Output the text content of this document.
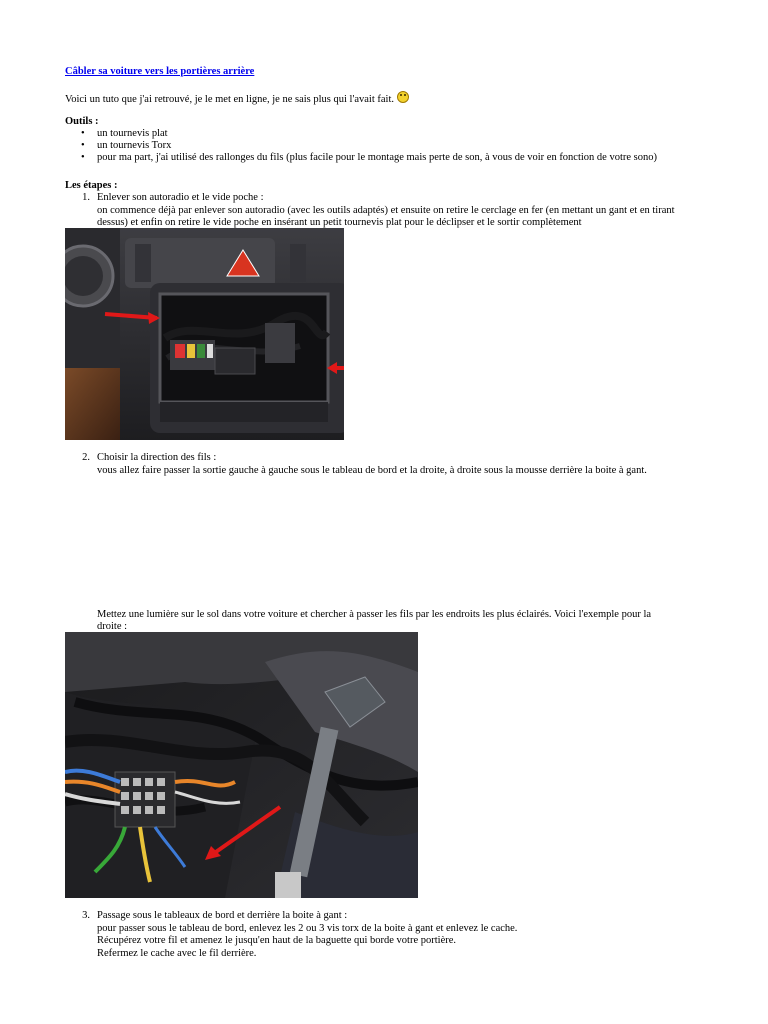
Câbler sa voiture vers les portières arrière
Voici un tuto que j'ai retrouvé, je le met en ligne, je ne sais plus qui l'avait fait.
Outils :
• un tournevis plat
• un tournevis Torx
• pour ma part, j'ai utilisé des rallonges du fils (plus facile pour le montage mais perte de son, à vous de voir en fonction de votre sono)
Les étapes :
1. Enlever son autoradio et le vide poche :
on commence déjà par enlever son autoradio (avec les outils adaptés) et ensuite on retire le cerclage en fer (en mettant un gant et en tirant
dessus) et enfin on retire le vide poche en insérant un petit tournevis plat pour le déclipser et le sortir complètement
2. Choisir la direction des fils :
vous allez faire passer la sortie gauche à gauche sous le tableau de bord et la droite, à droite sous la mousse derrière la boite à gant.
Mettez une lumière sur le sol dans votre voiture et chercher à passer les fils par les endroits les plus éclairés. Voici l'exemple pour la
droite :
3. Passage sous le tableaux de bord et derrière la boite à gant :
pour passer sous le tableau de bord, enlevez les 2 ou 3 vis torx de la boite à gant et enlevez le cache.
Récupérez votre fil et amenez le jusqu'en haut de la baguette qui borde votre portière.
Refermez le cache avec le fil derrière.
